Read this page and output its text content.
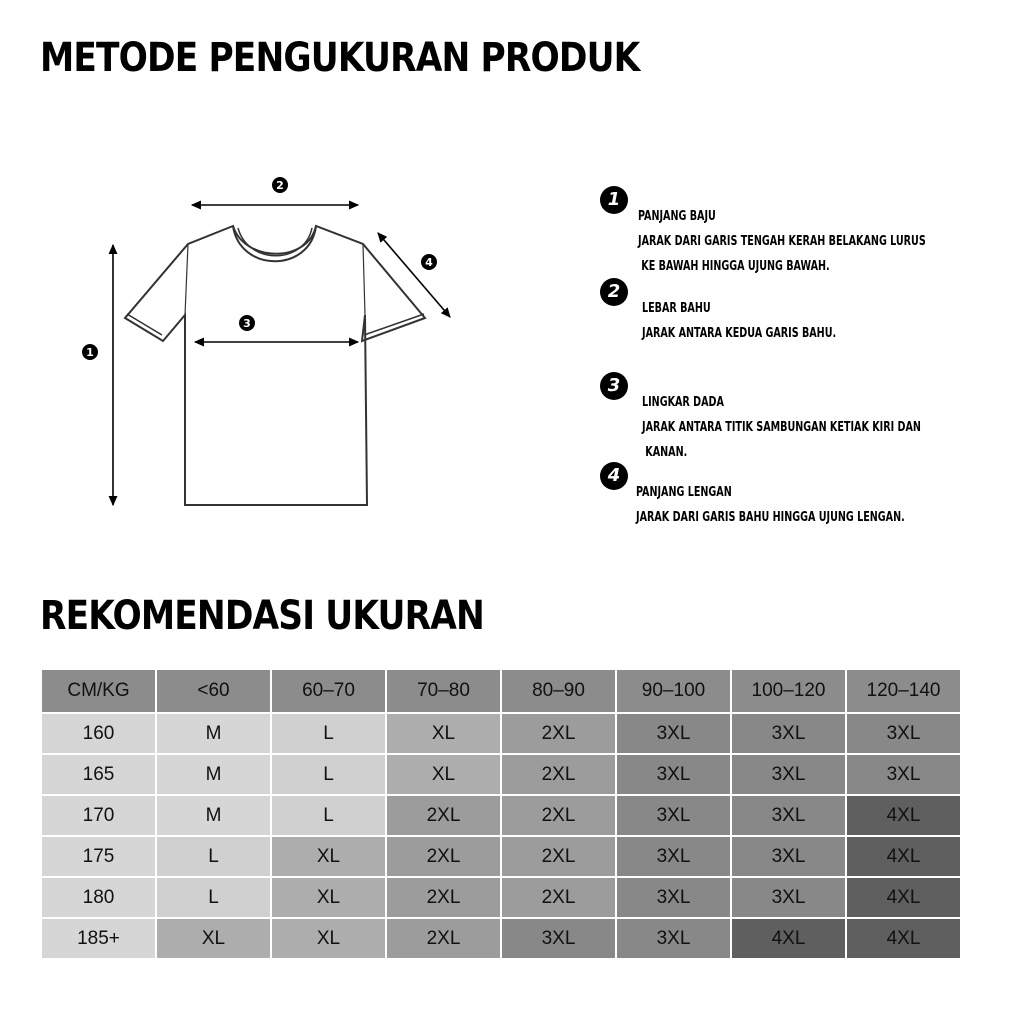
METODE PENGUKURAN PRODUK
1
2
3
4
1
PANJANG BAJU
JARAK DARI GARIS TENGAH KERAH BELAKANG LURUS
KE BAWAH HINGGA UJUNG BAWAH.
2
LEBAR BAHU
JARAK ANTARA KEDUA GARIS BAHU.
3
LINGKAR DADA
JARAK ANTARA TITIK SAMBUNGAN KETIAK KIRI DAN
KANAN.
4
PANJANG LENGAN
JARAK DARI GARIS BAHU HINGGA UJUNG LENGAN.
REKOMENDASI UKURAN
CM/KG	<60	60–70	70–80	80–90	90–100	100–120	120–140
160	M	L	XL	2XL	3XL	3XL	3XL
165	M	L	XL	2XL	3XL	3XL	3XL
170	M	L	2XL	2XL	3XL	3XL	4XL
175	L	XL	2XL	2XL	3XL	3XL	4XL
180	L	XL	2XL	2XL	3XL	3XL	4XL
185+	XL	XL	2XL	3XL	3XL	4XL	4XL
